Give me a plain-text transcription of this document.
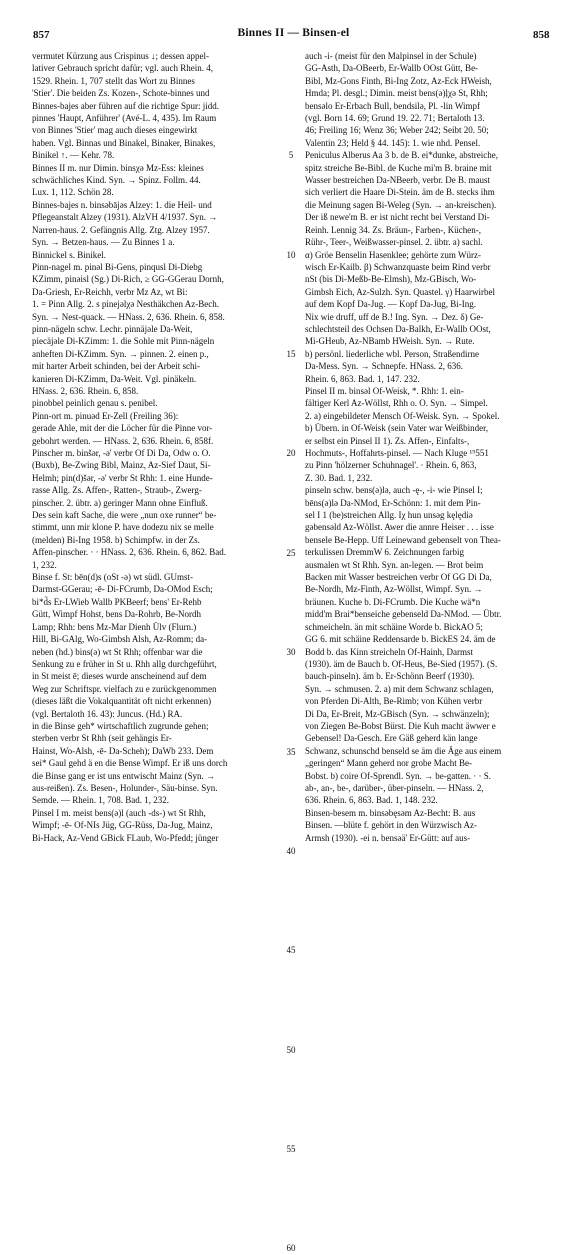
857	Binnes II — Binsen-el	858
vermutet Kürzung aus Crispinus ↓; dessen appel-
lativer Gebrauch spricht dafür; vgl. auch Rhein. 4,
1529. Rhein. 1, 707 stellt das Wort zu Binnes
'Stier'. Die beiden Zs. Kozen-, Schote-binnes und
Binnes-bajes aber führen auf die richtige Spur: jidd.
pinnes 'Haupt, Anführer' (Avé-L. 4, 435). Im Raum
von Binnes 'Stier' mag auch dieses eingewirkt
haben. Vgl. Binnas und Binakel, Binaker, Binakes,
Binikel ↑. — Kehr. 78.
Binnes II m. nur Dimin. binsχə Mz-Ess: kleines
schwächliches Kind. Syn. → Spinz. Follm. 44.
Lux. 1, 112. Schön 28.
Binnes-bajes n. binsəbājəs Alzey: 1. die Heil- und
Pflegeanstalt Alzey (1931). AlzVH 4/1937. Syn. →
Narren-haus. 2. Gefängnis Allg. Ztg. Alzey 1957.
Syn. → Betzen-haus. — Zu Binnes 1 a.
Binnickel s. Binikel.
Pinn-nagel m. pinǝl Bi-Gens, pinqusl Di-Diebg
KZimm, pinǝisl (Sg.) Di-Rich, ≥ GG-GGerau Dornh,
Da-Griesh, Er-Reichh, verbr Mz Az, wt Bi:
1. = Pinn Allg. 2. s pinejəlχə Nesthäkchen Az-Bech.
Syn. → Nest-quack. — HNass. 2, 636. Rhein. 6, 858.
pinn-nägeln schw. Lechr. pinnäjəle Da-Weit,
pieсäjəle Di-KZimm: 1. die Sohle mit Pinn-nägeln
anheften Di-KZimm. Syn. → pinnen. 2. einen p.,
mit harter Arbeit schinden, bei der Arbeit schi-
kanieren Di-KZimm, Da-Weit. Vgl. pinäkeln.
HNass. 2, 636. Rhein. 6, 858.
pinobbel peinlich genau s. penibel.
Pinn-ort m. pinuəd Er-Zell (Freiling 36):
gerade Ahle, mit der die Löcher für die Pinne vor-
gebohrt werden. — HNass. 2, 636. Rhein. 6, 858f.
Pinscher m. binšər, -ǝ' verbr Of Di Da, Odw o. O.
(Buxb), Be-Zwing Bibl, Mainz, Az-Sief Daut, Si-
Helmh; pin(d)šər, -ǝ' verbr St Rhh: 1. eine Hunde-
rasse Allg. Zs. Affen-, Ratten-, Straub-, Zwerg-
pinscher. 2. übtr. a) geringer Mann ohne Einfluß.
Des sein kaft Sache, die were „nun oxe runner“ be-
stimmt, unn mir klone P. have dodezu nix se melle
(melden) Bi-Ing 1958. b) Schimpfw. in der Zs.
Affen-pinscher. · · HNass. 2, 636. Rhein. 6, 862. Bad.
1, 232.
Binse f. St: bēn(d)s (oSt -ə) wt südl. GUmst-
Darmst-GGerau; -ē- Di-FCrumb, Da-OMod Esch;
bi*d̃s Er-LWieb Wallb PKBeerf; bens' Er-Rehb
Gütt, Wimpf Hohst, bens Da-Rohrb, Be-Nordh
Lamp; Rhh: bens Mz-Mar Dienh Ülv (Flurn.)
Hill, Bi-GAlg, Wo-Gimbsh Alsh, Az-Romm; da-
neben (hd.) bins(ə) wt St Rhh; offenbar war die
Senkung zu e früher in St u. Rhh allg durchgeführt,
in St meist ē; dieses wurde anscheinend auf dem
Weg zur Schriftspr. vielfach zu e zurückgenommen
(dieses läßt die Vokalquantität oft nicht erkennen)
(vgl. Bertaloth 16. 43): Juncus. (Hd.) RA.
in die Binse geh* wirtschaftlich zugrunde gehen;
sterben verbr St Rhh (seit gehängis Er-
Hainst, Wo-Alsh, -ē- Da-Scheh); DaWb 233. Dem
sei* Gaul gehd ä en die Bense Wimpf. Er iß uns dorch
die Binse gang er ist uns entwischt Mainz (Syn. →
aus-reißen). Zs. Besen-, Holunder-, Säu-binse. Syn.
Semde. — Rhein. 1, 708. Bad. 1, 232.
Pinsel I m. meist bens(ə)l (auch -ds-) wt St Rhh,
Wimpf; -ē- Of-NIs Jüg, GG-Rüss, Da-Jug, Mainz,
Bi-Hack, Az-Vend GBick FLaub, Wo-Pfedd; jünger
5
10
15
20
25
30
35
40
45
50
55
60
auch -i- (meist für den Malpinsel in der Schule)
GG-Asth, Da-OBeerb, Er-Wallb OOst Gütt, Be-
Bibl, Mz-Gons Finth, Bi-Ing Zotz, Az-Eck HWeish,
Hmda; Pl. desgl.; Dimin. meist bens(ə)ļχə St, Rhh;
bensəlo Er-Erbach Bull, bendsilǝ, Pl. -lin Wimpf
(vgl. Born 14. 69; Grund 19. 22. 71; Bertaloth 13.
46; Freiling 16; Wenz 36; Weber 242; Seibt 20. 50;
Valentin 23; Held § 44. 145): 1. wie nhd. Pensel.
Peniculus Alberus Aa 3 b. de B. ei*dunke, abstreiche,
spitz streiche Be-Bibl. de Kuche mi'm B. braine mit
Wasser bestreichen Da-NBeerb, verbr. De B. maust
sich verliert die Haare Di-Stein. äm de B. stecks ihm
die Meinung sagen Bi-Weleg (Syn. → an-kreischen).
Der iß newe'm B. er ist nicht recht bei Verstand Di-
Reinh. Lennig 34. Zs. Bräun-, Farben-, Küchen-,
Rühr-, Teer-, Weißwasser-pinsel. 2. übtr. a) sachl.
α) Gröe Benselin Hasenklee; gehörte zum Würz-
wisch Er-Kailb. β) Schwanzquaste beim Rind verbr
nSt (bis Di-Meßb-Be-Elmsh), Mz-GBisch, Wo-
Gimbsh Eich, Az-Sulzh. Syn. Quastel. γ) Haarwirbel
auf dem Kopf Da-Jug. — Kopf Da-Jug, Bi-Ing.
Nix wie druff, uff de B.! Ing. Syn. → Dez. δ) Ge-
schlechtsteil des Ochsen Da-Balkh, Er-Wallb OOst,
Mi-GHeub, Az-NBamb HWeish. Syn. → Rute.
b) persönl. liederliche wbl. Person, Straßendirne
Da-Mess. Syn. → Schnepfe. HNass. 2, 636.
Rhein. 6, 863. Bad. 1, 147. 232.
Pinsel II m. binsǝl Of-Weisk, *. Rhh: 1. ein-
fältiger Kerl Az-Wöllst, Rhh o. O. Syn. → Simpel.
2. a) eingebildeter Mensch Of-Weisk. Syn. → Spokel.
b) Übern. in Of-Weisk (sein Vater war Weißbinder,
er selbst ein Pinsel II 1). Zs. Affen-, Einfalts-,
Hochmuts-, Hoffahrts-pinsel. — Nach Kluge ¹⁹551
zu Pinn 'hölzerner Schuhnagel'. · Rhein. 6, 863,
Z. 30. Bad. 1, 232.
pinseln schw. bens(ə)lǝ, auch -ę-, -i- wie Pinsel I;
bēns(ə)lǝ Da-NMod, Er-Schönn: 1. mit dem Pin-
sel I 1 (be)streichen Allg. Iχ hun unsəg kęlędiǝ
gəbensəld Az-Wöllst. Awer die annre Heiser . . . isse
bensele Be-Hepp. Uff Leinewand gebenselt von Thea-
terkulissen DremmW 6. Zeichnungen farbig
ausmalen wt St Rhh. Syn. an-legen. — Brot beim
Backen mit Wasser bestreichen verbr Of GG Di Da,
Be-Nordh, Mz-Finth, Az-Wöllst, Wimpf. Syn. →
bräunen. Kuche b. Di-FCrumb. Die Kuche wä*n
midd'm Brai*benseiche gebenseld Da-NMod. — Übtr.
schmeicheln. än mit schäine Worde b. BickAO 5;
GG 6. mit schäine Reddensarde b. BickES 24. äm de
Bodd b. das Kinn streicheln Of-Hainh, Darmst
(1930). äm de Bauch b. Of-Heus, Be-Sied (1957). (S.
bauch-pinseln). äm b. Er-Schönn Beerf (1930).
Syn. → schmusen. 2. a) mit dem Schwanz schlagen,
von Pferden Di-Alth, Be-Rimb; von Kühen verbr
Di Da, Er-Breit, Mz-GBisch (Syn. → schwänzeln);
von Ziegen Be-Bobst Bürst. Die Kuh macht äwwer e
Gebensel! Da-Gesch. Ere Gäß geherd kän lange
Schwanz, schunschd benseld se äm die Äge aus einem
„geringen“ Mann geherd nor grobe Macht Be-
Bobst. b) coire Of-Sprendl. Syn. → be-gatten. · · S.
ab-, an-, be-, darüber-, über-pinseln. — HNass. 2,
636. Rhein. 6, 863. Bad. 1, 148. 232.
Binsen-besem m. binsəbęsǝm Az-Becht: B. aus
Binsen. —blüte f. gehört in den Würzwisch Az-
Armsh (1930). -ei n. bensǝä' Er-Gütt: auf aus-
